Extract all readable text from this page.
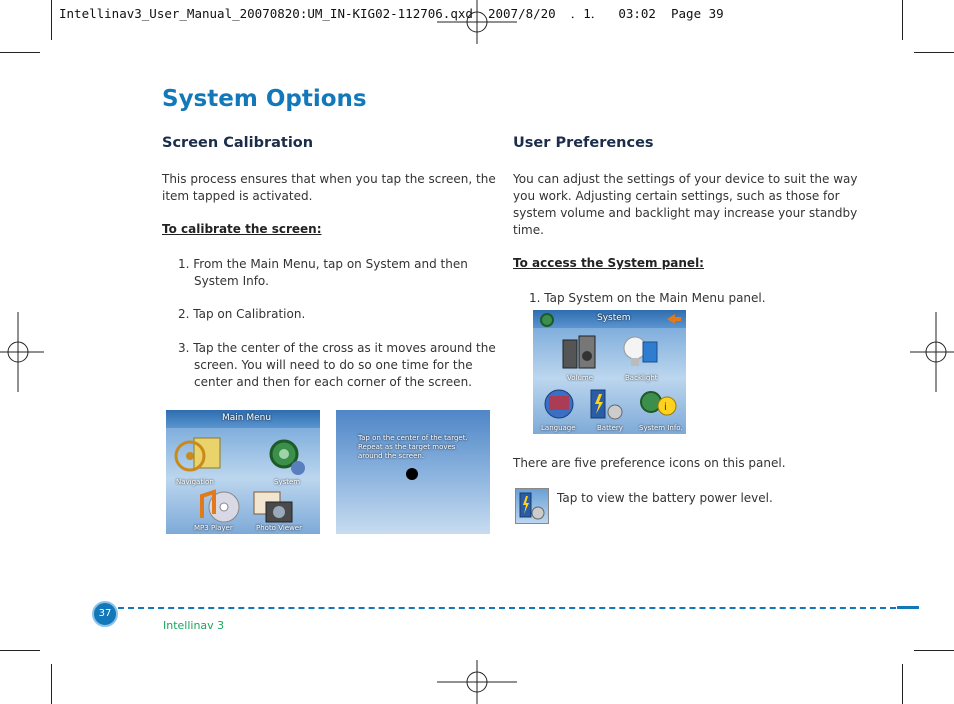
Intellinav3_User_Manual_20070820:UM_IN-KIG02-112706.qxd  2007/8/20  ．1．  03:02  Page 39
System Options
Screen Calibration
This process ensures that when you tap the screen, the
item tapped is activated.
To calibrate the screen:
1. From the Main Menu, tap on System and then
System Info.
2. Tap on Calibration.
3. Tap the center of the cross as it moves around the
screen. You will need to do so one time for the
center and then for each corner of the screen.
Main Menu
Navigation	System
MP3 Player	Photo Viewer
Tap on the center of the target.
Repeat as the target moves
around the screen.
User Preferences
You can adjust the settings of your device to suit the way
you work. Adjusting certain settings, such as those for
system volume and backlight may increase your standby
time.
To access the System panel:
1. Tap System on the Main Menu panel.
System
Volume	Backlight
i
Language	Battery System Info.
There are five preference icons on this panel.
Tap to view the battery power level.
37
Intellinav 3
